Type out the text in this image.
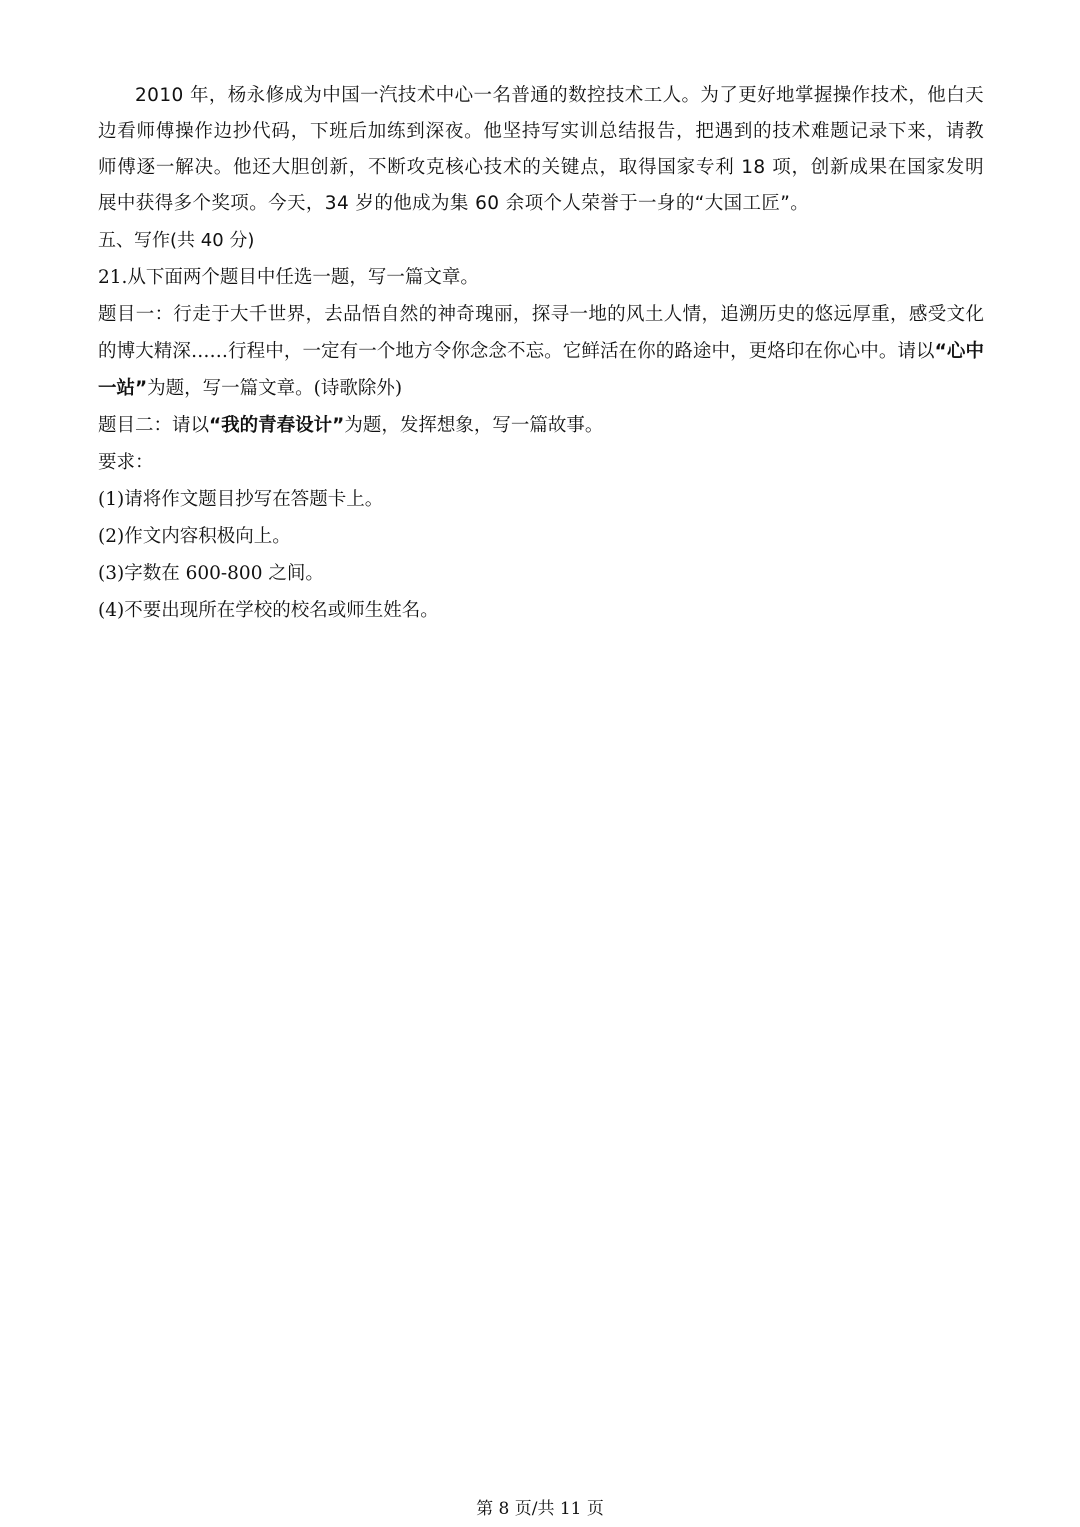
2010 年，杨永修成为中国一汽技术中心一名普通的数控技术工人。为了更好地掌握操作技术，他白天边看师傅操作边抄代码，下班后加练到深夜。他坚持写实训总结报告，把遇到的技术难题记录下来，请教师傅逐一解决。他还大胆创新，不断攻克核心技术的关键点，取得国家专利 18 项，创新成果在国家发明展中获得多个奖项。今天，34 岁的他成为集 60 余项个人荣誉于一身的“大国工匠”。

五、写作(共 40 分)

21.从下面两个题目中任选一题，写一篇文章。

题目一：行走于大千世界，去品悟自然的神奇瑰丽，探寻一地的风土人情，追溯历史的悠远厚重，感受文化的博大精深……行程中，一定有一个地方令你念念不忘。它鲜活在你的路途中，更烙印在你心中。请以“心中一站”为题，写一篇文章。(诗歌除外)

题目二：请以“我的青春设计”为题，发挥想象，写一篇故事。

要求：

(1)请将作文题目抄写在答题卡上。

(2)作文内容积极向上。

(3)字数在 600-800 之间。

(4)不要出现所在学校的校名或师生姓名。

第 8 页/共 11 页
